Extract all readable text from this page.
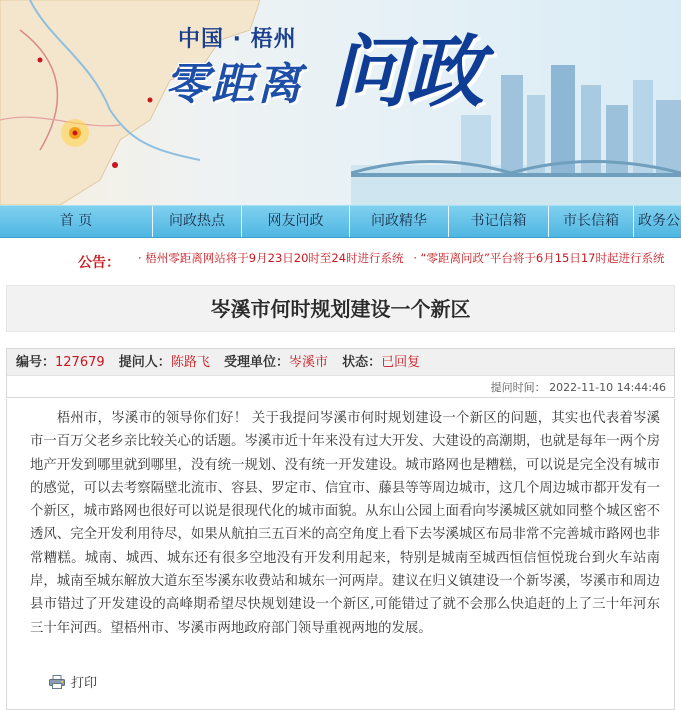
中国 · 梧州
零距离 问政
首 页	问政热点	网友问政	问政精华	书记信箱	市长信箱	政务公
公告： · 梧州零距离网站将于9月23日20时至24时进行系统 · “零距离问政”平台将于6月15日17时起进行系统
岑溪市何时规划建设一个新区
编号：127679 提问人：陈路飞 受理单位：岑溪市 状态：已回复
提问时间： 2022-11-10 14:44:46

梧州市，岑溪市的领导你们好！ 关于我提问岑溪市何时规划建设一个新区的问题，其实也代表着岑溪市一百万父老乡亲比较关心的话题。岑溪市近十年来没有过大开发、大建设的高潮期，也就是每年一两个房地产开发到哪里就到哪里，没有统一规划、没有统一开发建设。城市路网也是糟糕，可以说是完全没有城市的感觉，可以去考察隔壁北流市、容县、罗定市、信宜市、藤县等等周边城市，这几个周边城市都开发有一个新区，城市路网也很好可以说是很现代化的城市面貌。从东山公园上面看向岑溪城区就如同整个城区密不透风、完全开发利用待尽，如果从航拍三五百米的高空角度上看下去岑溪城区布局非常不完善城市路网也非常糟糕。城南、城西、城东还有很多空地没有开发利用起来，特别是城南至城西恒信恒悦珑台到火车站南岸，城南至城东解放大道东至岑溪东收费站和城东一河两岸。建议在归义镇建设一个新岑溪，岑溪市和周边县市错过了开发建设的高峰期希望尽快规划建设一个新区,可能错过了就不会那么快追赶的上了三十年河东三十年河西。望梧州市、岑溪市两地政府部门领导重视两地的发展。

打印
